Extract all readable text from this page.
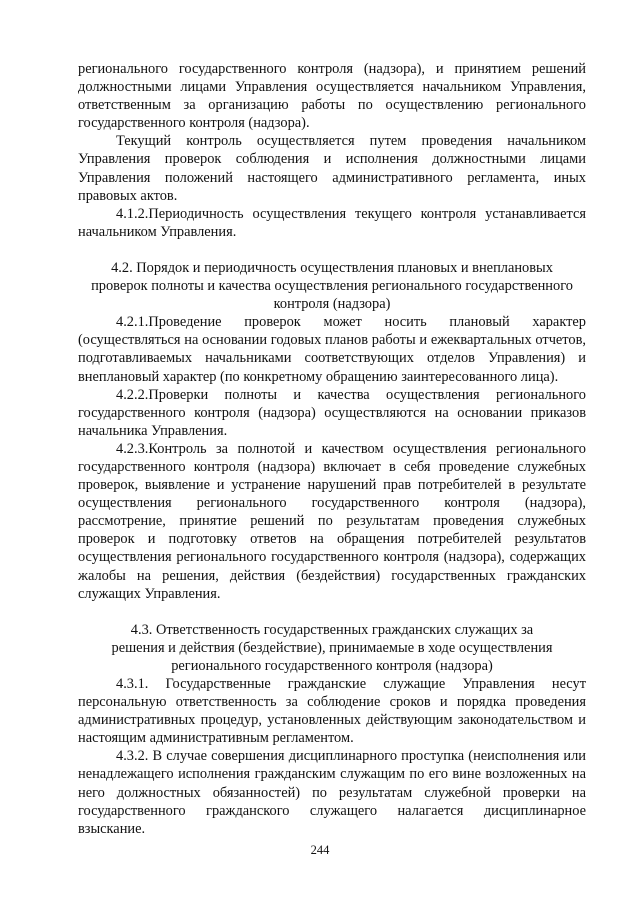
регионального государственного контроля (надзора), и принятием решений должностными лицами Управления осуществляется начальником Управления, ответственным за организацию работы по осуществлению регионального государственного контроля (надзора).

Текущий контроль осуществляется путем проведения начальником Управления проверок соблюдения и исполнения должностными лицами Управления положений настоящего административного регламента, иных правовых актов.

4.1.2.Периодичность осуществления текущего контроля устанавливается начальником Управления.

4.2. Порядок и периодичность осуществления плановых и внеплановых

проверок полноты и качества осуществления регионального государственного

контроля (надзора)

4.2.1.Проведение проверок может носить плановый характер (осуществляться на основании годовых планов работы и ежеквартальных отчетов, подготавливаемых начальниками соответствующих отделов Управления) и внеплановый характер (по конкретному обращению заинтересованного лица).

4.2.2.Проверки полноты и качества осуществления регионального государственного контроля (надзора) осуществляются на основании приказов начальника Управления.

4.2.3.Контроль за полнотой и качеством осуществления регионального государственного контроля (надзора) включает в себя проведение служебных проверок, выявление и устранение нарушений прав потребителей в результате осуществления регионального государственного контроля (надзора), рассмотрение, принятие решений по результатам проведения служебных проверок и подготовку ответов на обращения потребителей результатов осуществления регионального государственного контроля (надзора), содержащих жалобы на решения, действия (бездействия) государственных гражданских служащих Управления.

4.3. Ответственность государственных гражданских служащих за

решения и действия (бездействие), принимаемые в ходе осуществления

регионального государственного контроля (надзора)

4.3.1. Государственные гражданские служащие Управления несут персональную ответственность за соблюдение сроков и порядка проведения административных процедур, установленных действующим законодательством и настоящим административным регламентом.

4.3.2. В случае совершения дисциплинарного проступка (неисполнения или ненадлежащего исполнения гражданским служащим по его вине возложенных на него должностных обязанностей) по результатам служебной проверки на государственного гражданского служащего налагается дисциплинарное взыскание.

244
